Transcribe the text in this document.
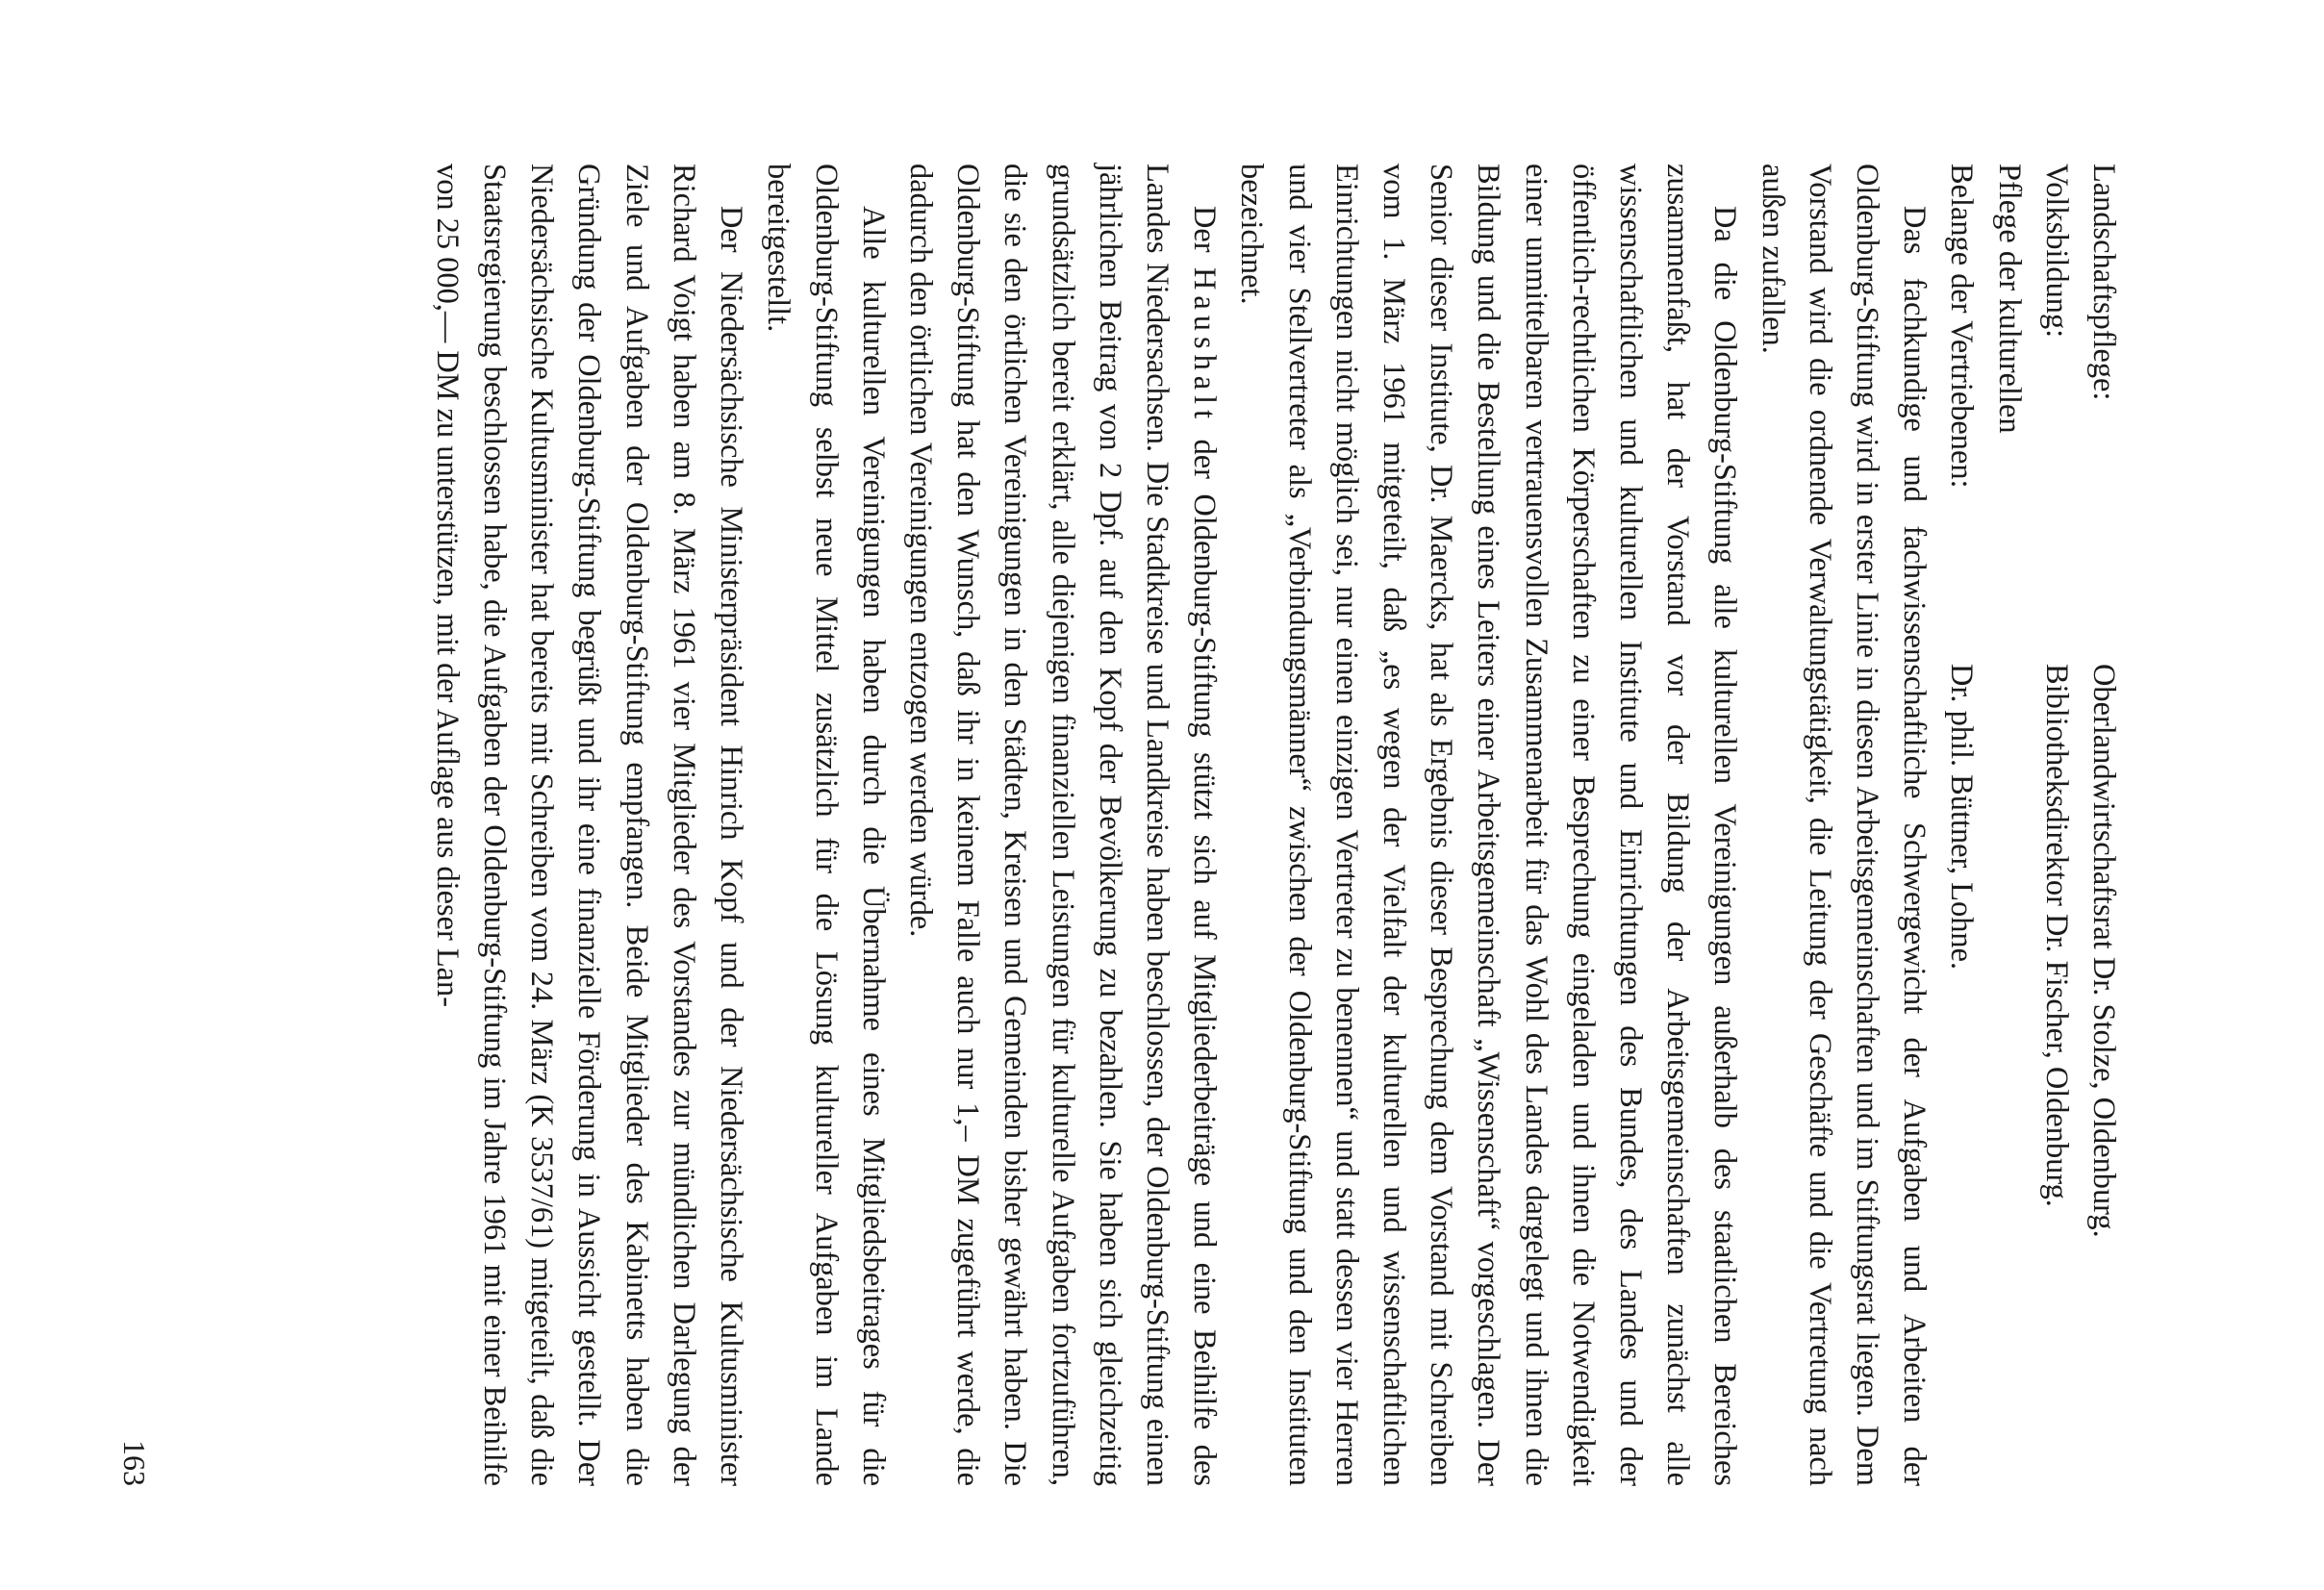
Landschaftspflege:	Oberlandwirtschaftsrat Dr. Stolze, Oldenburg.
Volksbildung:	Bibliotheksdirektor Dr. Fischer, Oldenburg.
Pflege der kulturellen	
Belange der Vertriebenen:	Dr. phil. Büttner, Lohne.

Das fachkundige und fachwissenschaftliche Schwergewicht der Aufgaben und Arbeiten der Oldenburg-Stiftung wird in erster Linie in diesen Arbeitsgemeinschaften und im Stiftungsrat liegen. Dem Vorstand wird die ordnende Verwaltungstätigkeit, die Leitung der Geschäfte und die Vertretung nach außen zufallen.

Da die Oldenburg-Stiftung alle kulturellen Vereinigungen außerhalb des staatlichen Bereiches zusammenfaßt, hat der Vorstand vor der Bildung der Arbeitsgemeinschaften zunächst alle wissenschaftlichen und kulturellen Institute und Einrichtungen des Bundes, des Landes und der öffentlich-rechtlichen Körperschaften zu einer Besprechung eingeladen und ihnen die Notwendigkeit einer unmittelbaren vertrauensvollen Zusammenarbeit für das Wohl des Landes dargelegt und ihnen die Bildung und die Bestellung eines Leiters einer Arbeitsgemeinschaft „Wissenschaft“ vorgeschlagen. Der Senior dieser Institute, Dr. Maercks, hat als Ergebnis dieser Besprechung dem Vorstand mit Schreiben vom 1. März 1961 mitgeteilt, daß „es wegen der Vielfalt der kulturellen und wissenschaftlichen Einrichtungen nicht möglich sei, nur einen einzigen Vertreter zu benennen“ und statt dessen vier Herren und vier Stellvertreter als „Verbindungsmänner“ zwischen der Oldenburg-Stiftung und den Instituten bezeichnet.

Der Haushalt der Oldenburg-Stiftung stützt sich auf Mitgliederbeiträge und eine Beihilfe des Landes Niedersachsen. Die Stadtkreise und Landkreise haben beschlossen, der Oldenburg-Stiftung einen jährlichen Beitrag von 2 Dpf. auf den Kopf der Bevölkerung zu bezahlen. Sie haben sich gleichzeitig grundsätzlich bereit erklärt, alle diejenigen finanziellen Leistungen für kulturelle Aufgaben fortzuführen, die sie den örtlichen Vereinigungen in den Städten, Kreisen und Gemeinden bisher gewährt haben. Die Oldenburg-Stiftung hat den Wunsch, daß ihr in keinem Falle auch nur 1,– DM zugeführt werde, die dadurch den örtlichen Vereinigungen entzogen werden würde.

Alle kulturellen Vereinigungen haben durch die Übernahme eines Mitgliedsbeitrages für die Oldenburg-Stiftung selbst neue Mittel zusätzlich für die Lösung kultureller Aufgaben im Lande bereitgestellt.

Der Niedersächsische Ministerpräsident Hinrich Kopf und der Niedersächsische Kultusminister Richard Voigt haben am 8. März 1961 vier Mitglieder des Vorstandes zur mündlichen Darlegung der Ziele und Aufgaben der Oldenburg-Stiftung empfangen. Beide Mitglieder des Kabinetts haben die Gründung der Oldenburg-Stiftung begrüßt und ihr eine finanzielle Förderung in Aussicht gestellt. Der Niedersächsische Kultusminister hat bereits mit Schreiben vom 24. März (K 3537/61) mitgeteilt, daß die Staatsregierung beschlossen habe, die Aufgaben der Oldenburg-Stiftung im Jahre 1961 mit einer Beihilfe von 25 000,— DM zu unterstützen, mit der Auflage aus dieser Lan-

163
